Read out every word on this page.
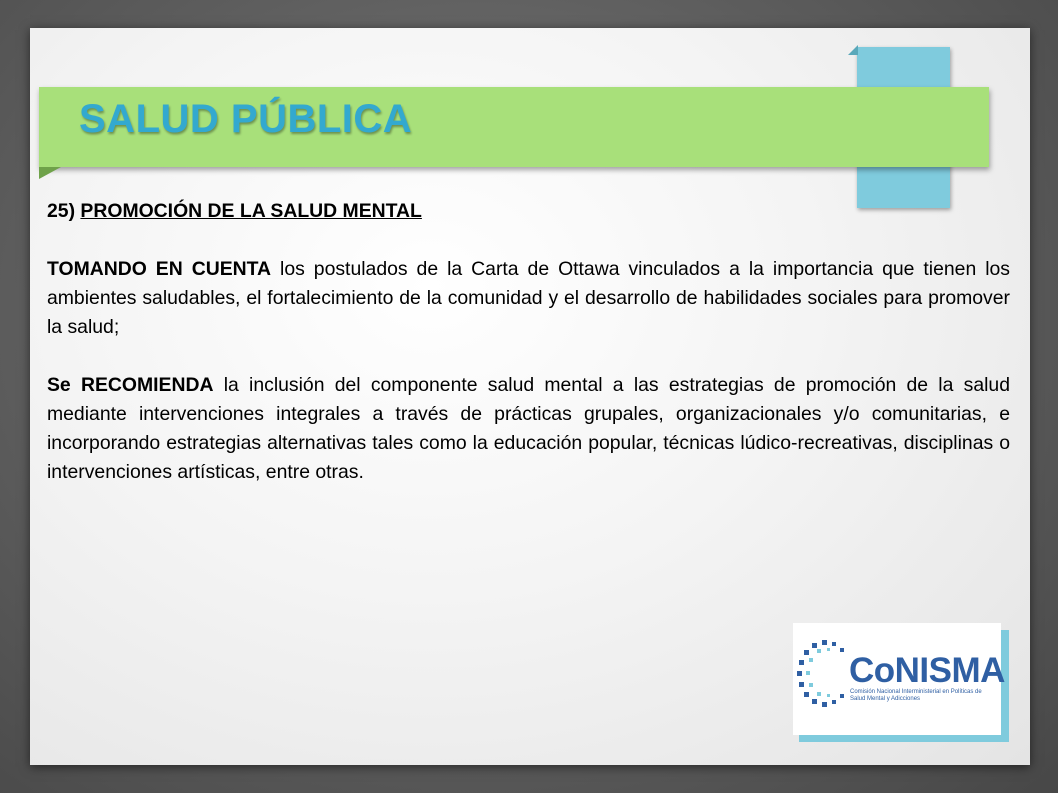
SALUD PÚBLICA
25) PROMOCIÓN DE LA SALUD MENTAL

TOMANDO EN CUENTA los postulados de la Carta de Ottawa vinculados a la importancia que tienen los ambientes saludables, el fortalecimiento de la comunidad y el desarrollo de habilidades sociales para promover la salud;

Se RECOMIENDA la inclusión del componente salud mental a las estrategias de promoción de la salud mediante intervenciones integrales a través de prácticas grupales, organizacionales y/o comunitarias, e incorporando estrategias alternativas tales como la educación popular, técnicas lúdico-recreativas, disciplinas o intervenciones artísticas, entre otras.

CoNISMA
Comisión Nacional Interministerial en Políticas de Salud Mental y Adicciones
